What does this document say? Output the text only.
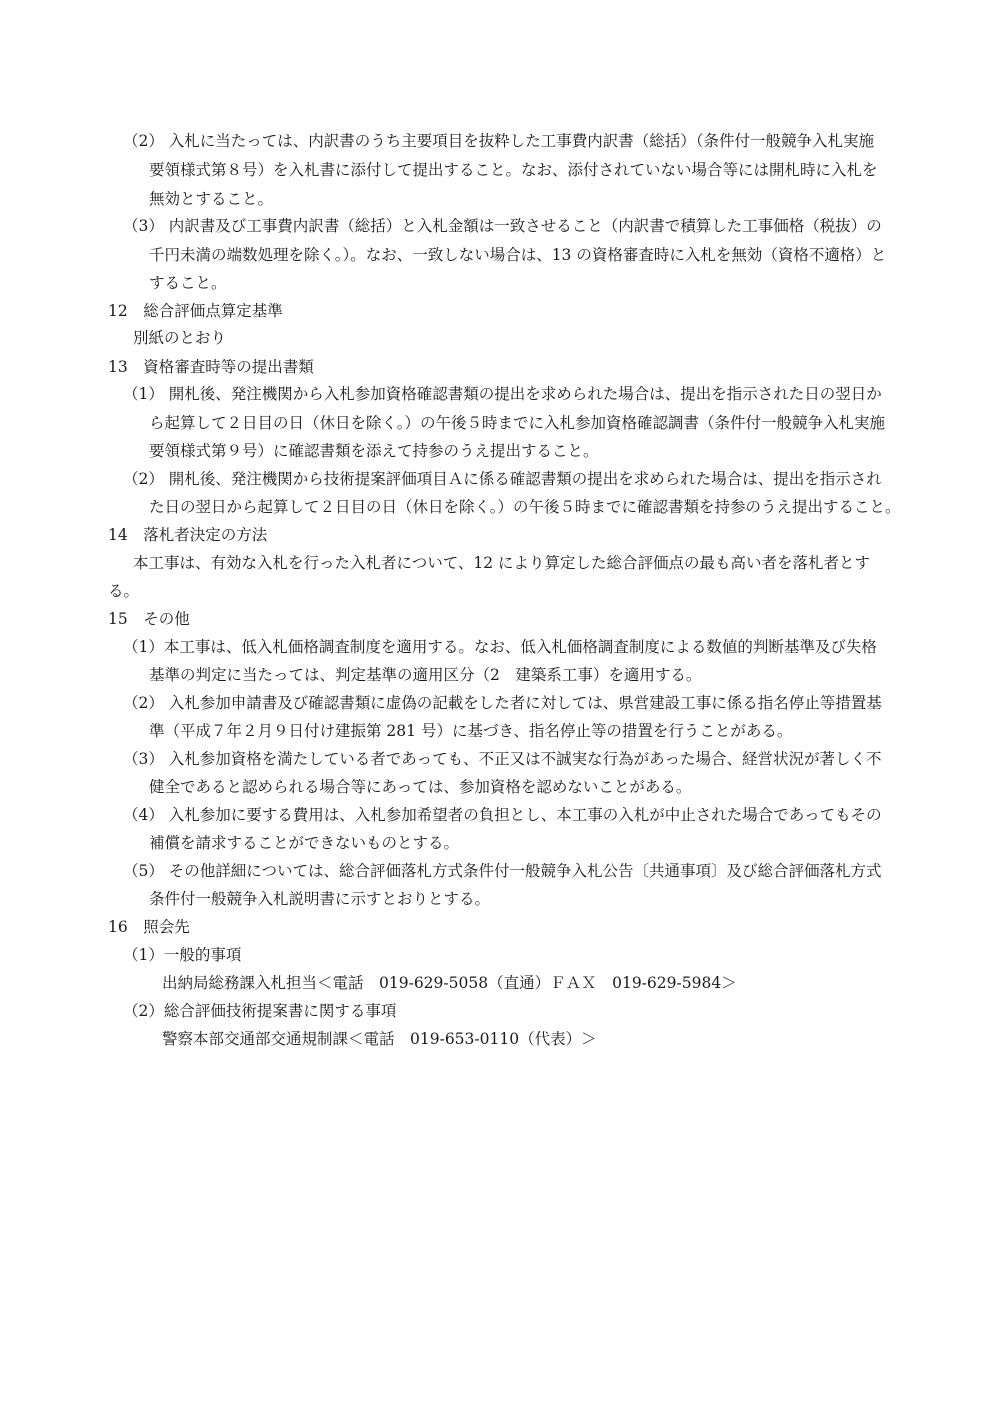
（2） 入札に当たっては、内訳書のうち主要項目を抜粋した工事費内訳書（総括）（条件付一般競争入札実施
要領様式第８号）を入札書に添付して提出すること。なお、添付されていない場合等には開札時に入札を
無効とすること。
（3） 内訳書及び工事費内訳書（総括）と入札金額は一致させること（内訳書で積算した工事価格（税抜）の
千円未満の端数処理を除く。）。なお、一致しない場合は、13 の資格審査時に入札を無効（資格不適格）と
すること。
12　総合評価点算定基準
別紙のとおり
13　資格審査時等の提出書類
（1） 開札後、発注機関から入札参加資格確認書類の提出を求められた場合は、提出を指示された日の翌日か
ら起算して２日目の日（休日を除く。）の午後５時までに入札参加資格確認調書（条件付一般競争入札実施
要領様式第９号）に確認書類を添えて持参のうえ提出すること。
（2） 開札後、発注機関から技術提案評価項目Ａに係る確認書類の提出を求められた場合は、提出を指示され
た日の翌日から起算して２日目の日（休日を除く。）の午後５時までに確認書類を持参のうえ提出すること。
14　落札者決定の方法
本工事は、有効な入札を行った入札者について、12 により算定した総合評価点の最も高い者を落札者とす
る。
15　その他
（1）本工事は、低入札価格調査制度を適用する。なお、低入札価格調査制度による数値的判断基準及び失格
基準の判定に当たっては、判定基準の適用区分（2　建築系工事）を適用する。
（2） 入札参加申請書及び確認書類に虚偽の記載をした者に対しては、県営建設工事に係る指名停止等措置基
準（平成７年２月９日付け建振第 281 号）に基づき、指名停止等の措置を行うことがある。
（3） 入札参加資格を満たしている者であっても、不正又は不誠実な行為があった場合、経営状況が著しく不
健全であると認められる場合等にあっては、参加資格を認めないことがある。
（4） 入札参加に要する費用は、入札参加希望者の負担とし、本工事の入札が中止された場合であってもその
補償を請求することができないものとする。
（5） その他詳細については、総合評価落札方式条件付一般競争入札公告〔共通事項〕及び総合評価落札方式
条件付一般競争入札説明書に示すとおりとする。
16　照会先
（1）一般的事項
出納局総務課入札担当＜電話　019-629-5058（直通）ＦＡＸ　019-629-5984＞
（2）総合評価技術提案書に関する事項
警察本部交通部交通規制課＜電話　019-653-0110（代表）＞
